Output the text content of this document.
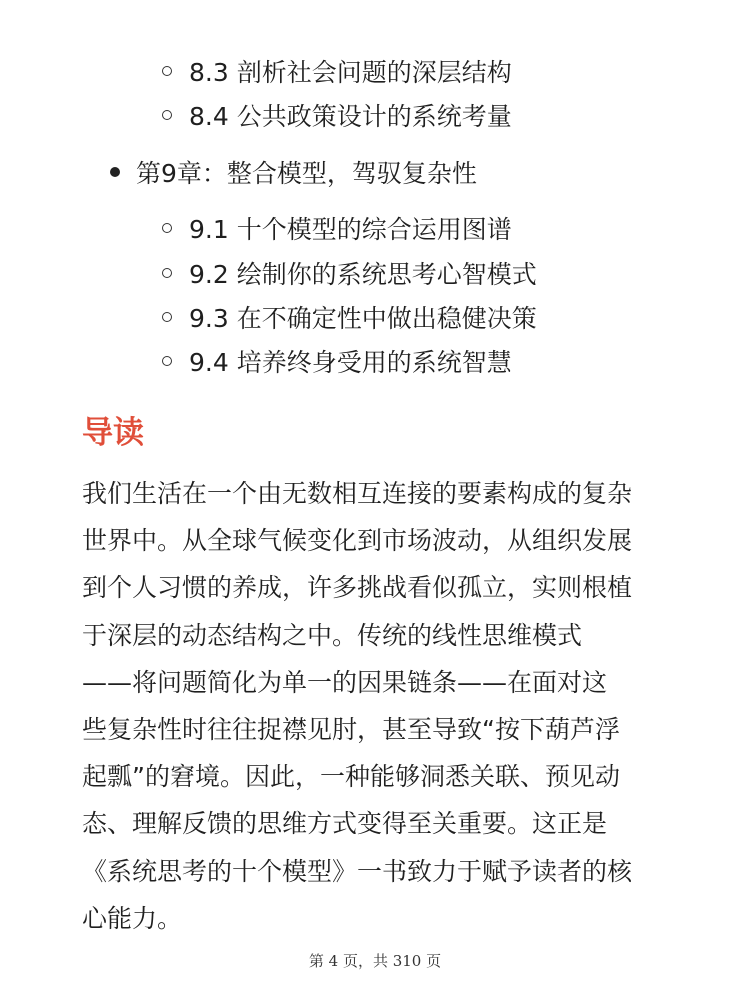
8.3 剖析社会问题的深层结构
8.4 公共政策设计的系统考量
第9章：整合模型，驾驭复杂性
9.1 十个模型的综合运用图谱
9.2 绘制你的系统思考心智模式
9.3 在不确定性中做出稳健决策
9.4 培养终身受用的系统智慧
导读
我们生活在一个由无数相互连接的要素构成的复杂
世界中。从全球气候变化到市场波动，从组织发展
到个人习惯的养成，许多挑战看似孤立，实则根植
于深层的动态结构之中。传统的线性思维模式
——将问题简化为单一的因果链条——在面对这
些复杂性时往往捉襟见肘，甚至导致“按下葫芦浮
起瓢”的窘境。因此，一种能够洞悉关联、预见动
态、理解反馈的思维方式变得至关重要。这正是
《系统思考的十个模型》一书致力于赋予读者的核
心能力。
第 4 页，共 310 页
